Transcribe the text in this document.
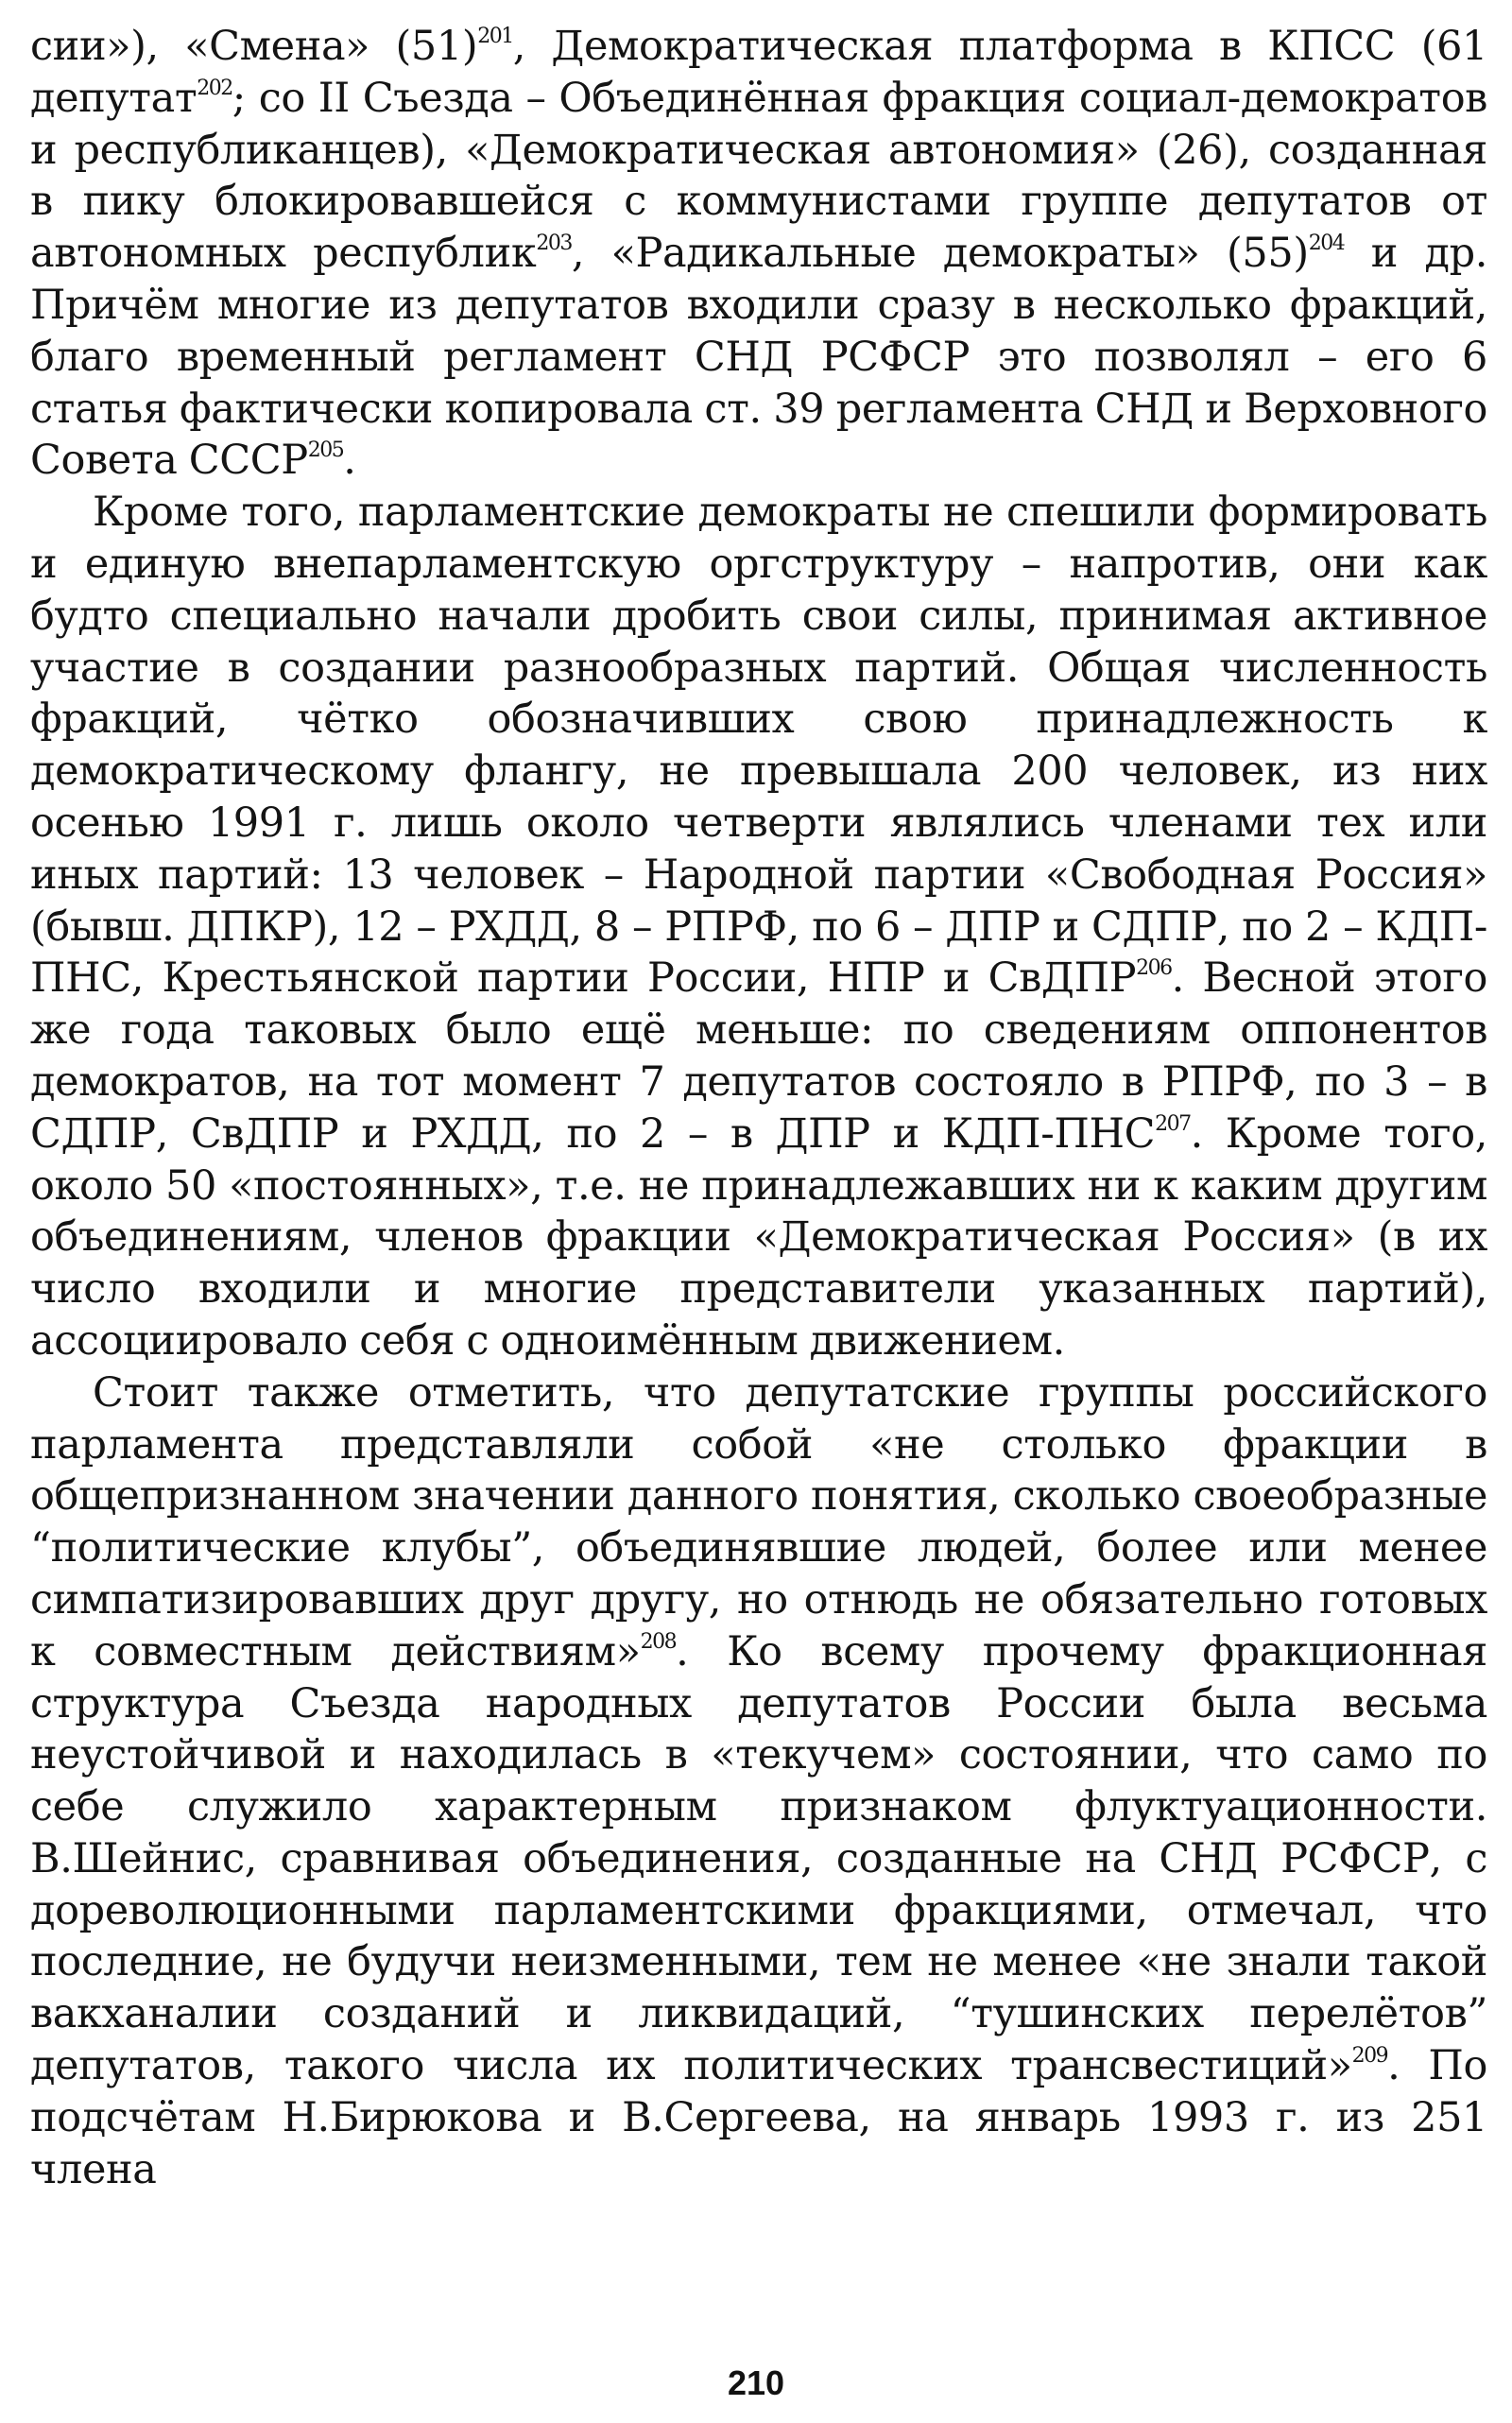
сии»), «Смена» $(51)^{201}$, Демократическая платформа в КПСС (61 депутат$^{202}$; со II Съезда – Объединённая фракция социал-демократов и республиканцев), «Демократическая автономия» (26), созданная в пику блокировавшейся с коммунистами группе депутатов от автономных республик$^{203}$, «Радикальные демократы» $(55)^{204}$ и др. Причём многие из депутатов входили сразу в несколько фракций, благо временный регламент СНД РСФСР это позволял – его 6 статья фактически копировала ст. 39 регламента СНД и Верховного Совета СССР$^{205}$.

Кроме того, парламентские демократы не спешили формировать и единую внепарламентскую оргструктуру – напротив, они как будто специально начали дробить свои силы, принимая активное участие в создании разнообразных партий. Общая численность фракций, чётко обозначивших свою принадлежность к демократическому флангу, не превышала 200 человек, из них осенью 1991 г. лишь около четверти являлись членами тех или иных партий: 13 человек – Народной партии «Свободная Россия» (бывш. ДПКР), 12 – РХДД, 8 – РПРФ, по 6 – ДПР и СДПР, по 2 – КДП-ПНС, Крестьянской партии России, НПР и СвДПР$^{206}$. Весной этого же года таковых было ещё меньше: по сведениям оппонентов демократов, на тот момент 7 депутатов состояло в РПРФ, по 3 – в СДПР, СвДПР и РХДД, по 2 – в ДПР и КДП-ПНС$^{207}$. Кроме того, около 50 «постоянных», т.е. не принадлежавших ни к каким другим объединениям, членов фракции «Демократическая Россия» (в их число входили и многие представители указанных партий), ассоциировало себя с одноимённым движением.

Стоит также отметить, что депутатские группы российского парламента представляли собой «не столько фракции в общепризнанном значении данного понятия, сколько своеобразные “политические клубы”, объединявшие людей, более или менее симпатизировавших друг другу, но отнюдь не обязательно готовых к совместным действиям»$^{208}$. Ко всему прочему фракционная структура Съезда народных депутатов России была весьма неустойчивой и находилась в «текучем» состоянии, что само по себе служило характерным признаком флуктуационности. В.Шейнис, сравнивая объединения, созданные на СНД РСФСР, с дореволюционными парламентскими фракциями, отмечал, что последние, не будучи неизменными, тем не менее «не знали такой вакханалии созданий и ликвидаций, “тушинских перелётов” депутатов, такого числа их политических трансвестиций»$^{209}$. По подсчётам Н.Бирюкова и В.Сергеева, на январь 1993 г. из 251 члена

210
